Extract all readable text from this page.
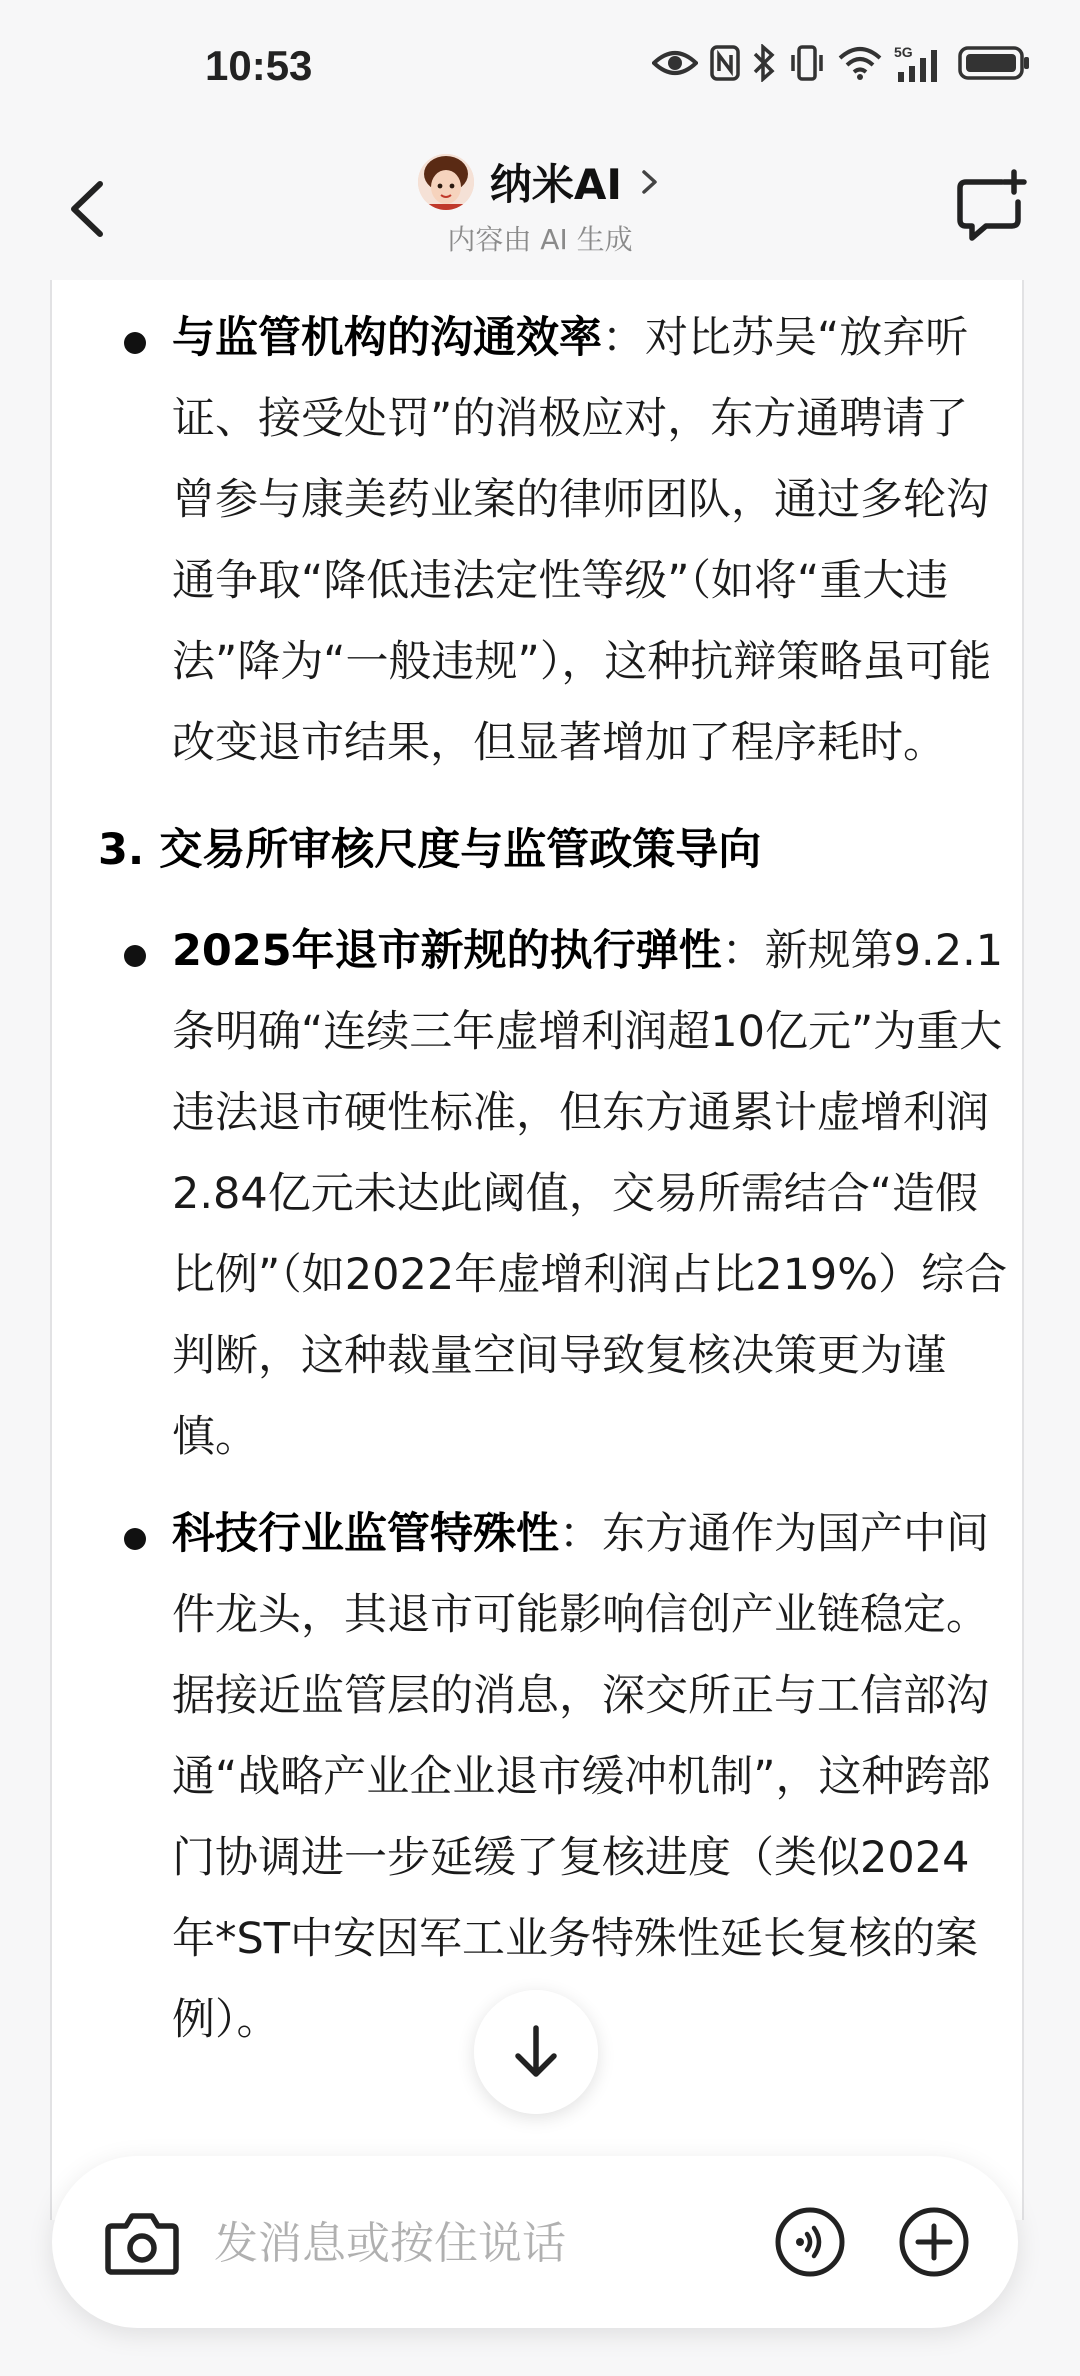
10:53	5G
纳米AI
内容由 AI 生成
与监管机构的沟通效率：对比苏吴“放弃听证、接受处罚”的消极应对，东方通聘请了曾参与康美药业案的律师团队，通过多轮沟通争取“降低违法定性等级”（如将“重大违法”降为“一般违规”），这种抗辩策略虽可能改变退市结果，但显著增加了程序耗时。
3. 交易所审核尺度与监管政策导向
2025年退市新规的执行弹性：新规第9.2.1条明确“连续三年虚增利润超10亿元”为重大违法退市硬性标准，但东方通累计虚增利润2.84亿元未达此阈值，交易所需结合“造假比例”（如2022年虚增利润占比219%）综合判断，这种裁量空间导致复核决策更为谨慎。
科技行业监管特殊性：东方通作为国产中间件龙头，其退市可能影响信创产业链稳定。据接近监管层的消息，深交所正与工信部沟通“战略产业企业退市缓冲机制”，这种跨部门协调进一步延缓了复核进度（类似2024年*ST中安因军工业务特殊性延长复核的案例）。
发消息或按住说话
